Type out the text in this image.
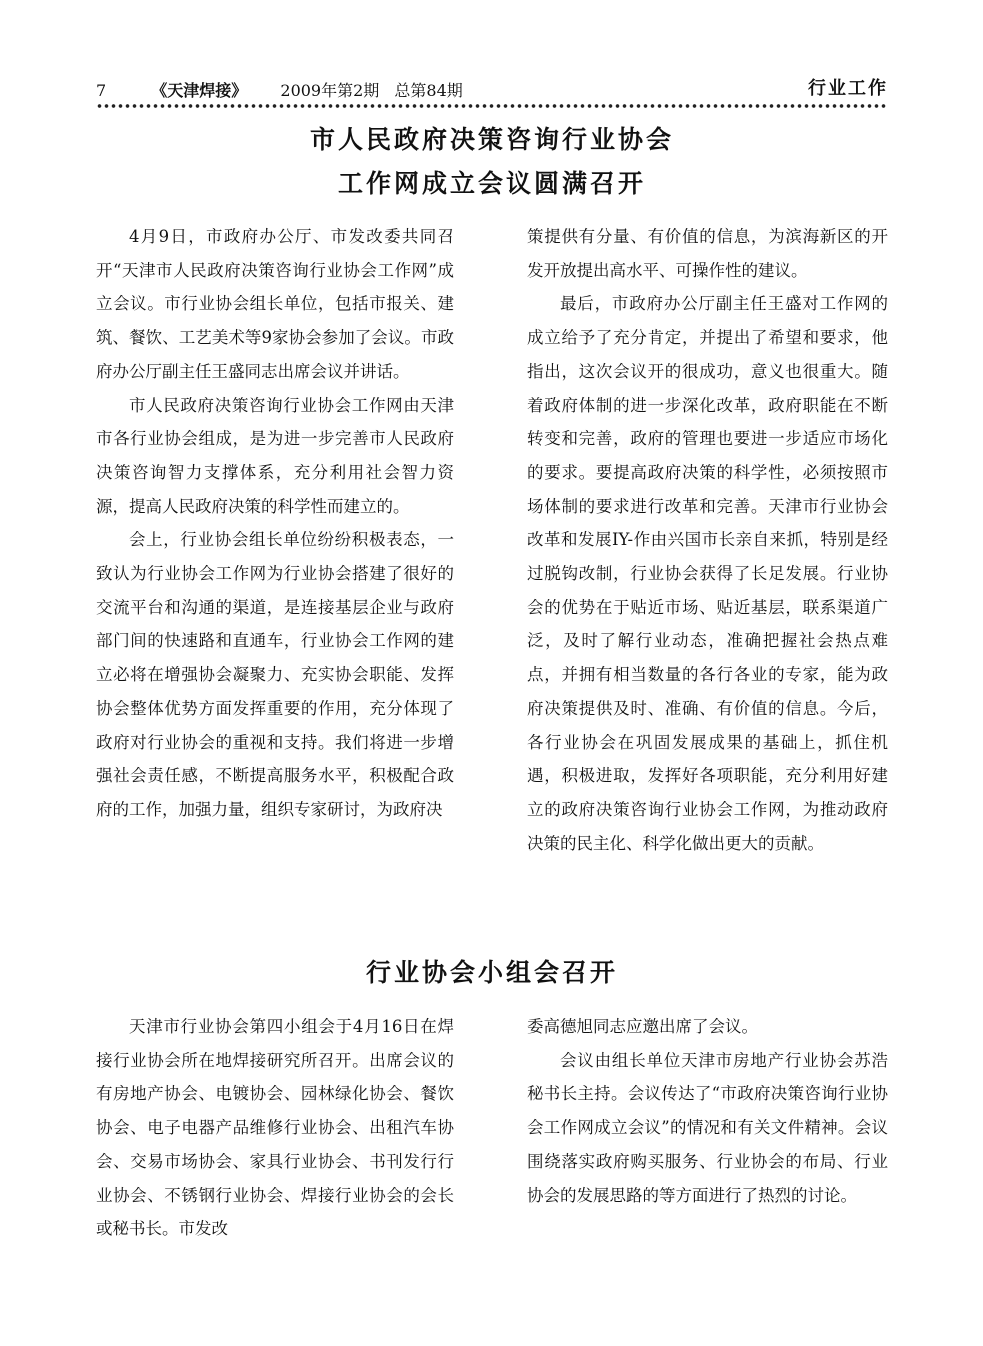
7	《天津焊接》 2009年第2期 总第84期	行业工作
市人民政府决策咨询行业协会
工作网成立会议圆满召开

4月9日，市政府办公厅、市发改委共同召开“天津市人民政府决策咨询行业协会工作网”成立会议。市行业协会组长单位，包括市报关、建筑、餐饮、工艺美术等9家协会参加了会议。市政府办公厅副主任王盛同志出席会议并讲话。

市人民政府决策咨询行业协会工作网由天津市各行业协会组成，是为进一步完善市人民政府决策咨询智力支撑体系，充分利用社会智力资源，提高人民政府决策的科学性而建立的。

会上，行业协会组长单位纷纷积极表态，一致认为行业协会工作网为行业协会搭建了很好的交流平台和沟通的渠道，是连接基层企业与政府部门间的快速路和直通车，行业协会工作网的建立必将在增强协会凝聚力、充实协会职能、发挥协会整体优势方面发挥重要的作用，充分体现了政府对行业协会的重视和支持。我们将进一步增强社会责任感，不断提高服务水平，积极配合政府的工作，加强力量，组织专家研讨，为政府决

策提供有分量、有价值的信息，为滨海新区的开发开放提出高水平、可操作性的建议。

最后，市政府办公厅副主任王盛对工作网的成立给予了充分肯定，并提出了希望和要求，他指出，这次会议开的很成功，意义也很重大。随着政府体制的进一步深化改革，政府职能在不断转变和完善，政府的管理也要进一步适应市场化的要求。要提高政府决策的科学性，必须按照市场体制的要求进行改革和完善。天津市行业协会改革和发展IY-作由兴国市长亲自来抓，特别是经过脱钩改制，行业协会获得了长足发展。行业协会的优势在于贴近市场、贴近基层，联系渠道广泛，及时了解行业动态，准确把握社会热点难点，并拥有相当数量的各行各业的专家，能为政府决策提供及时、准确、有价值的信息。今后，各行业协会在巩固发展成果的基础上，抓住机遇，积极进取，发挥好各项职能，充分利用好建立的政府决策咨询行业协会工作网，为推动政府决策的民主化、科学化做出更大的贡献。

行业协会小组会召开

天津市行业协会第四小组会于4月16日在焊接行业协会所在地焊接研究所召开。出席会议的有房地产协会、电镀协会、园林绿化协会、餐饮协会、电子电器产品维修行业协会、出租汽车协会、交易市场协会、家具行业协会、书刊发行行业协会、不锈钢行业协会、焊接行业协会的会长或秘书长。市发改

委高德旭同志应邀出席了会议。

会议由组长单位天津市房地产行业协会苏浩秘书长主持。会议传达了“市政府决策咨询行业协会工作网成立会议”的情况和有关文件精神。会议围绕落实政府购买服务、行业协会的布局、行业协会的发展思路的等方面进行了热烈的讨论。
